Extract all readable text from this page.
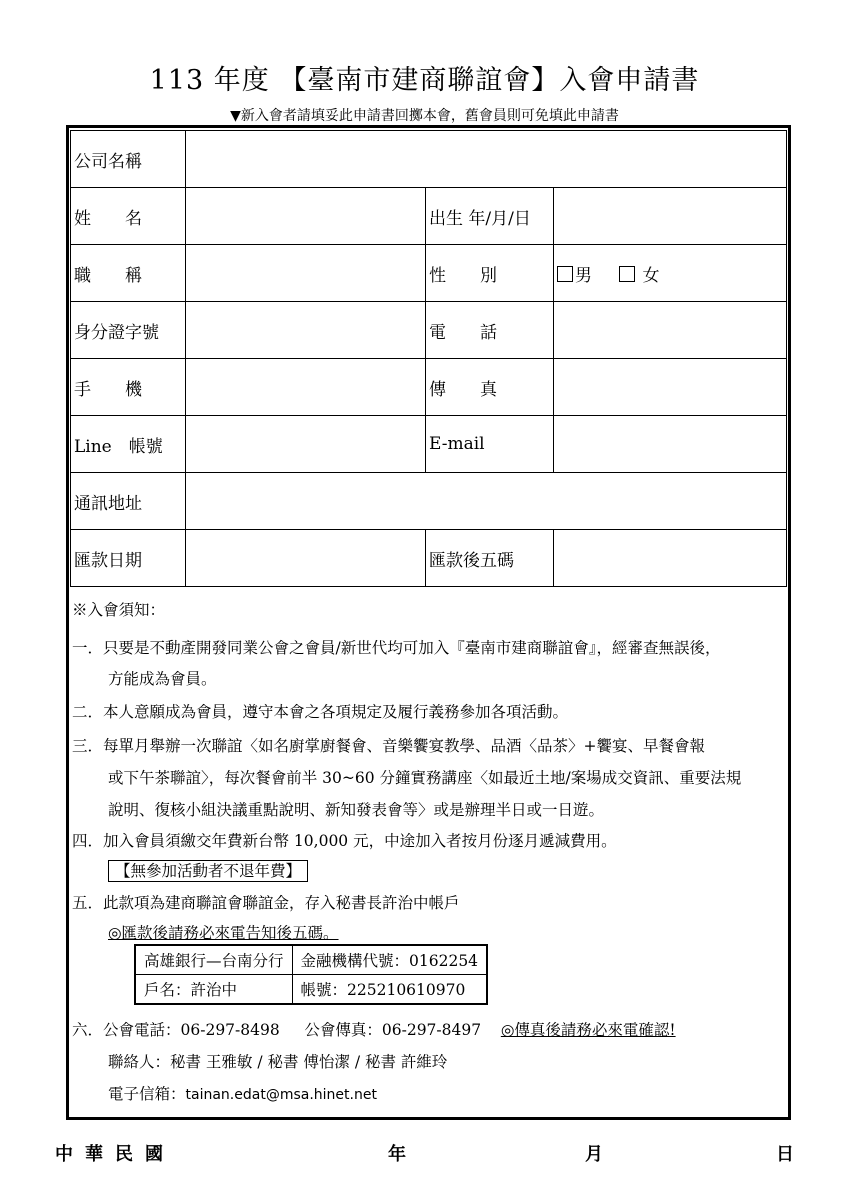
113 年度 【臺南市建商聯誼會】入會申請書
▼新入會者請填妥此申請書回擲本會，舊會員則可免填此申請書
公司名稱			
姓　　名		出生 年/月/日	
職　　稱		性　　別	男 女
身分證字號		電　　話	
手　　機		傳　　真	
Line　帳號		E-mail	
通訊地址			
匯款日期		匯款後五碼	
※入會須知：
一．只要是不動產開發同業公會之會員/新世代均可加入『臺南市建商聯誼會』，經審查無誤後，
方能成為會員。
二．本人意願成為會員，遵守本會之各項規定及履行義務參加各項活動。
三．每單月舉辦一次聯誼〈如名廚掌廚餐會、音樂饗宴教學、品酒〈品茶〉+饗宴、早餐會報
或下午茶聯誼〉，每次餐會前半 30~60 分鐘實務講座〈如最近土地/案場成交資訊、重要法規
說明、復核小組決議重點說明、新知發表會等〉或是辦理半日或一日遊。
四．加入會員須繳交年費新台幣 10,000 元，中途加入者按月份逐月遞減費用。
【無參加活動者不退年費】
五．此款項為建商聯誼會聯誼金，存入秘書長許治中帳戶
◎匯款後請務必來電告知後五碼。
六．公會電話：06-297-8498 公會傳真：06-297-8497 ◎傳真後請務必來電確認!
聯絡人：秘書 王雅敏 / 秘書 傅怡潔 / 秘書 許維玲
電子信箱：tainan.edat@msa.hinet.net
高雄銀行—台南分行	金融機構代號：0162254
戶名：許治中	帳號：225210610970
中華民國	年	月	日
